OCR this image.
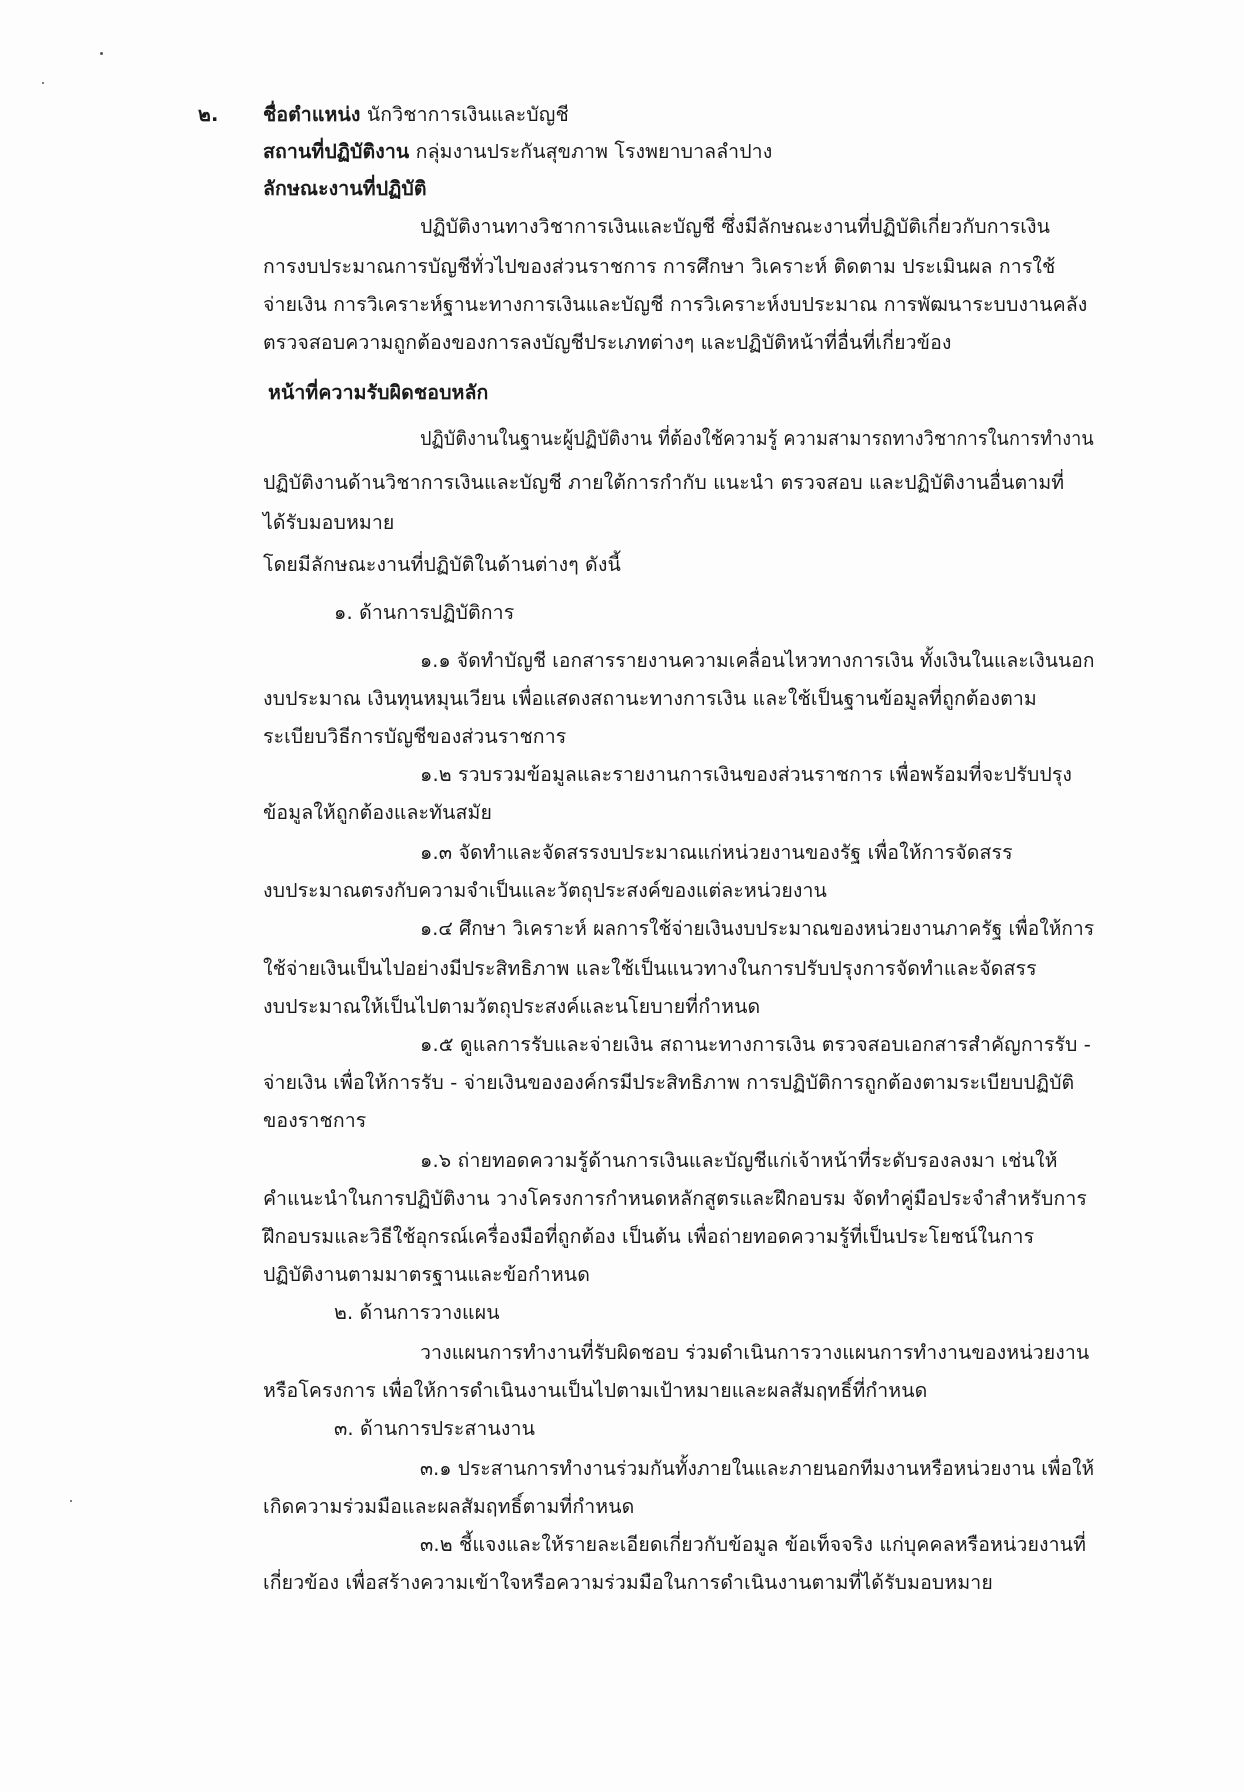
๒. ชื่อตำแหน่ง นักวิชาการเงินและบัญชี
สถานที่ปฏิบัติงาน กลุ่มงานประกันสุขภาพ โรงพยาบาลลำปาง
ลักษณะงานที่ปฏิบัติ
ปฏิบัติงานทางวิชาการเงินและบัญชี ซึ่งมีลักษณะงานที่ปฏิบัติเกี่ยวกับการเงิน
การงบประมาณการบัญชีทั่วไปของส่วนราชการ การศึกษา วิเคราะห์ ติดตาม ประเมินผล การใช้
จ่ายเงิน การวิเคราะห์ฐานะทางการเงินและบัญชี การวิเคราะห์งบประมาณ การพัฒนาระบบงานคลัง
ตรวจสอบความถูกต้องของการลงบัญชีประเภทต่างๆ และปฏิบัติหน้าที่อื่นที่เกี่ยวข้อง
หน้าที่ความรับผิดชอบหลัก
ปฏิบัติงานในฐานะผู้ปฏิบัติงาน ที่ต้องใช้ความรู้ ความสามารถทางวิชาการในการทำงาน
ปฏิบัติงานด้านวิชาการเงินและบัญชี ภายใต้การกำกับ แนะนำ ตรวจสอบ และปฏิบัติงานอื่นตามที่
ได้รับมอบหมาย
โดยมีลักษณะงานที่ปฏิบัติในด้านต่างๆ ดังนี้
๑. ด้านการปฏิบัติการ
๑.๑ จัดทำบัญชี เอกสารรายงานความเคลื่อนไหวทางการเงิน ทั้งเงินในและเงินนอก
งบประมาณ เงินทุนหมุนเวียน เพื่อแสดงสถานะทางการเงิน และใช้เป็นฐานข้อมูลที่ถูกต้องตาม
ระเบียบวิธีการบัญชีของส่วนราชการ
๑.๒ รวบรวมข้อมูลและรายงานการเงินของส่วนราชการ เพื่อพร้อมที่จะปรับปรุง
ข้อมูลให้ถูกต้องและทันสมัย
๑.๓ จัดทำและจัดสรรงบประมาณแก่หน่วยงานของรัฐ เพื่อให้การจัดสรร
งบประมาณตรงกับความจำเป็นและวัตถุประสงค์ของแต่ละหน่วยงาน
๑.๔ ศึกษา วิเคราะห์ ผลการใช้จ่ายเงินงบประมาณของหน่วยงานภาครัฐ เพื่อให้การ
ใช้จ่ายเงินเป็นไปอย่างมีประสิทธิภาพ และใช้เป็นแนวทางในการปรับปรุงการจัดทำและจัดสรร
งบประมาณให้เป็นไปตามวัตถุประสงค์และนโยบายที่กำหนด
๑.๕ ดูแลการรับและจ่ายเงิน สถานะทางการเงิน ตรวจสอบเอกสารสำคัญการรับ -
จ่ายเงิน เพื่อให้การรับ - จ่ายเงินขององค์กรมีประสิทธิภาพ การปฏิบัติการถูกต้องตามระเบียบปฏิบัติ
ของราชการ
๑.๖ ถ่ายทอดความรู้ด้านการเงินและบัญชีแก่เจ้าหน้าที่ระดับรองลงมา เช่นให้
คำแนะนำในการปฏิบัติงาน วางโครงการกำหนดหลักสูตรและฝึกอบรม จัดทำคู่มือประจำสำหรับการ
ฝึกอบรมและวิธีใช้อุกรณ์เครื่องมือที่ถูกต้อง เป็นต้น เพื่อถ่ายทอดความรู้ที่เป็นประโยชน์ในการ
ปฏิบัติงานตามมาตรฐานและข้อกำหนด
๒. ด้านการวางแผน
วางแผนการทำงานที่รับผิดชอบ ร่วมดำเนินการวางแผนการทำงานของหน่วยงาน
หรือโครงการ เพื่อให้การดำเนินงานเป็นไปตามเป้าหมายและผลสัมฤทธิ์ที่กำหนด
๓. ด้านการประสานงาน
๓.๑ ประสานการทำงานร่วมกันทั้งภายในและภายนอกทีมงานหรือหน่วยงาน เพื่อให้
เกิดความร่วมมือและผลสัมฤทธิ์ตามที่กำหนด
๓.๒ ชี้แจงและให้รายละเอียดเกี่ยวกับข้อมูล ข้อเท็จจริง แก่บุคคลหรือหน่วยงานที่
เกี่ยวข้อง เพื่อสร้างความเข้าใจหรือความร่วมมือในการดำเนินงานตามที่ได้รับมอบหมาย
